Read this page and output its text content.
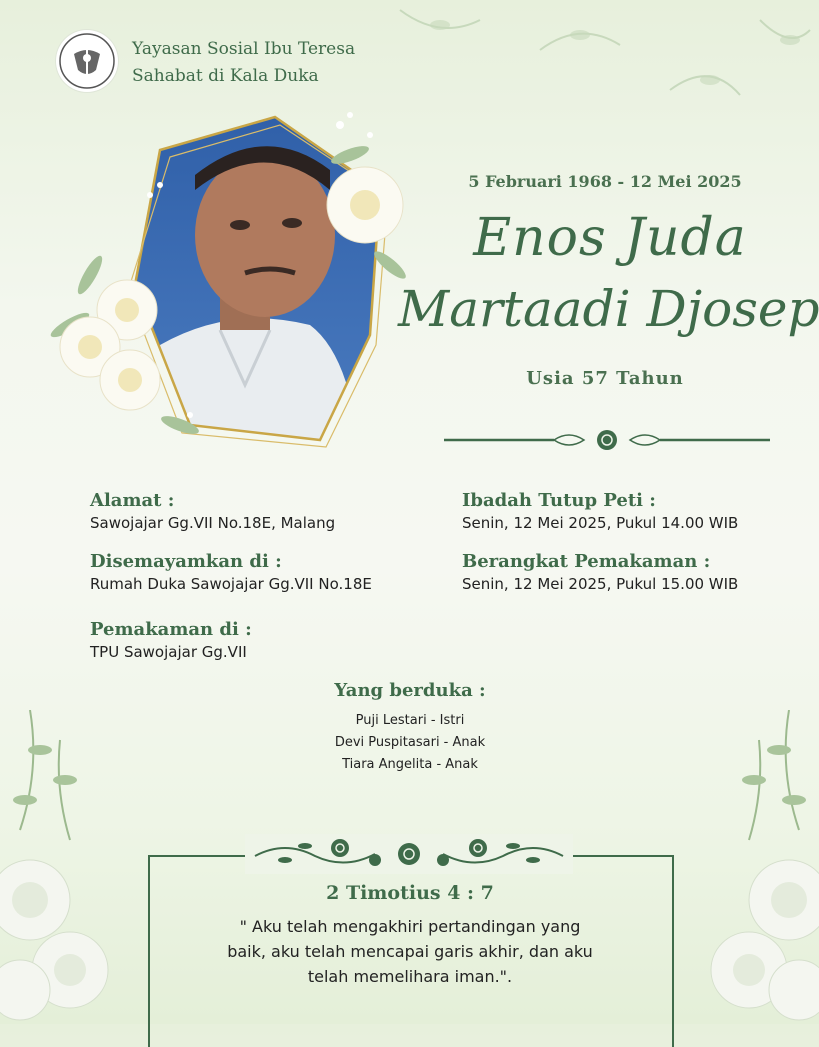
Yayasan Sosial Ibu Teresa
Sahabat di Kala Duka
5 Februari 1968 - 12 Mei 2025
Enos Juda
Martaadi Djosep
Usia 57 Tahun
Alamat :
Sawojajar Gg.VII No.18E, Malang
Disemayamkan di :
Rumah Duka Sawojajar Gg.VII No.18E
Pemakaman di :
TPU Sawojajar Gg.VII
Ibadah Tutup Peti :
Senin, 12 Mei 2025, Pukul 14.00 WIB
Berangkat Pemakaman :
Senin, 12 Mei 2025, Pukul 15.00 WIB
Yang berduka :
Puji Lestari - Istri
Devi Puspitasari - Anak
Tiara Angelita - Anak
2 Timotius 4 : 7
" Aku telah mengakhiri pertandingan yang
baik, aku telah mencapai garis akhir, dan aku
telah memelihara iman.".
